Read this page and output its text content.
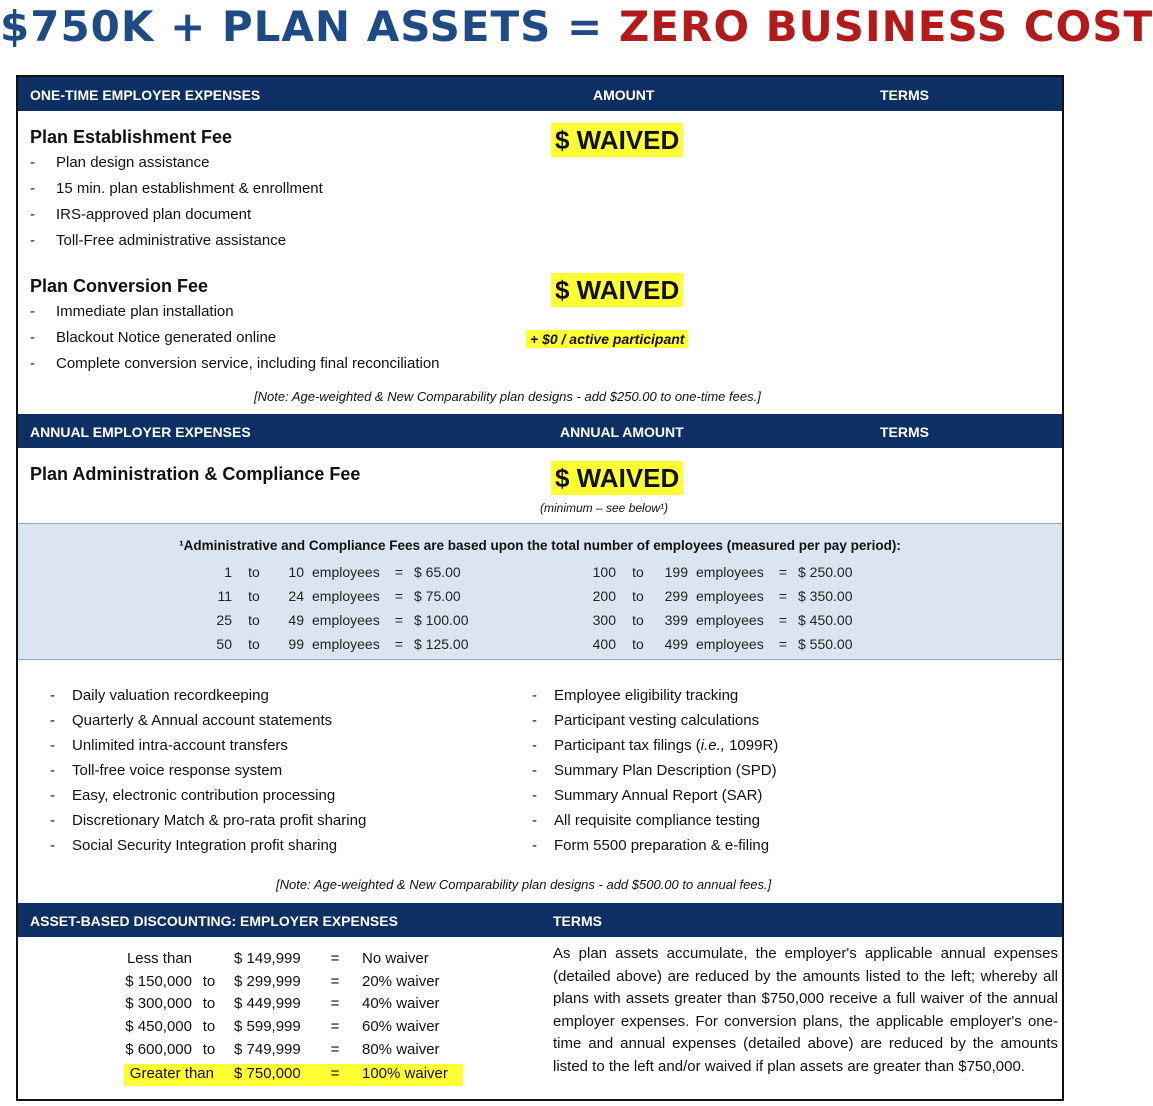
$750K + PLAN ASSETS = ZERO BUSINESS COST
ONE-TIME EMPLOYER EXPENSES	AMOUNT	TERMS
Plan Establishment Fee	$ WAIVED
- Plan design assistance
- 15 min. plan establishment & enrollment
- IRS-approved plan document
- Toll-Free administrative assistance
Plan Conversion Fee	$ WAIVED
+ $0 / active participant
- Immediate plan installation
- Blackout Notice generated online
- Complete conversion service, including final reconciliation
[Note: Age-weighted & New Comparability plan designs - add $250.00 to one-time fees.]
ANNUAL EMPLOYER EXPENSES	ANNUAL AMOUNT	TERMS
Plan Administration & Compliance Fee	$ WAIVED
(minimum – see below¹)
¹Administrative and Compliance Fees are based upon the total number of employees (measured per pay period):
1	to	10 employees	= $ 65.00
11	to	24 employees	= $ 75.00
25	to	49 employees	= $ 100.00
50	to	99 employees	= $ 125.00
100	to	199 employees	= $ 250.00
200	to	299 employees	= $ 350.00
300	to	399 employees	= $ 450.00
400	to	499 employees	= $ 550.00
- Daily valuation recordkeeping
- Quarterly & Annual account statements
- Unlimited intra-account transfers
- Toll-free voice response system
- Easy, electronic contribution processing
- Discretionary Match & pro-rata profit sharing
- Social Security Integration profit sharing
- Employee eligibility tracking
- Participant vesting calculations
- Participant tax filings (i.e., 1099R)
- Summary Plan Description (SPD)
- Summary Annual Report (SAR)
- All requisite compliance testing
- Form 5500 preparation & e-filing
[Note: Age-weighted & New Comparability plan designs - add $500.00 to annual fees.]
ASSET-BASED DISCOUNTING: EMPLOYER EXPENSES	TERMS
Less than	$ 149,999	=	No waiver
$ 150,000 to	$ 299,999	=	20% waiver
$ 300,000 to	$ 449,999	=	40% waiver
$ 450,000 to	$ 599,999	=	60% waiver
$ 600,000 to	$ 749,999	=	80% waiver
Greater than $ 750,000	=	100% waiver
As plan assets accumulate, the employer's applicable annual expenses (detailed above) are reduced by the amounts listed to the left; whereby all plans with assets greater than $750,000 receive a full waiver of the annual employer expenses. For conversion plans, the applicable employer's one-time and annual expenses (detailed above) are reduced by the amounts listed to the left and/or waived if plan assets are greater than $750,000.
